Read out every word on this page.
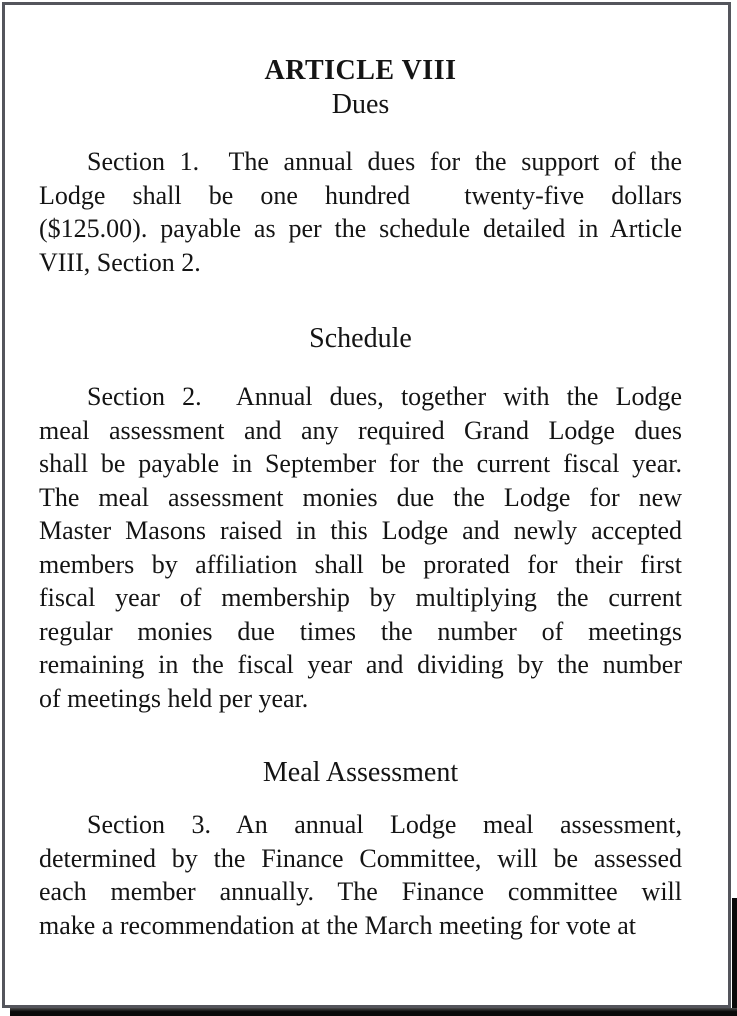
ARTICLE VIII
Dues
Section 1.  The annual dues for the support of the
Lodge shall be one hundred  twenty-five dollars
($125.00). payable as per the schedule detailed in Article
VIII, Section 2.
Schedule
Section 2.  Annual dues, together with the Lodge
meal assessment and any required Grand Lodge dues
shall be payable in September for the current fiscal year.
The meal assessment monies due the Lodge for new
Master Masons raised in this Lodge and newly accepted
members by affiliation shall be prorated for their first
fiscal year of membership by multiplying the current
regular monies due times the number of meetings
remaining in the fiscal year and dividing by the number
of meetings held per year.
Meal Assessment
Section 3. An annual Lodge meal assessment,
determined by the Finance Committee, will be assessed
each member annually. The Finance committee will
make a recommendation at the March meeting for vote at
